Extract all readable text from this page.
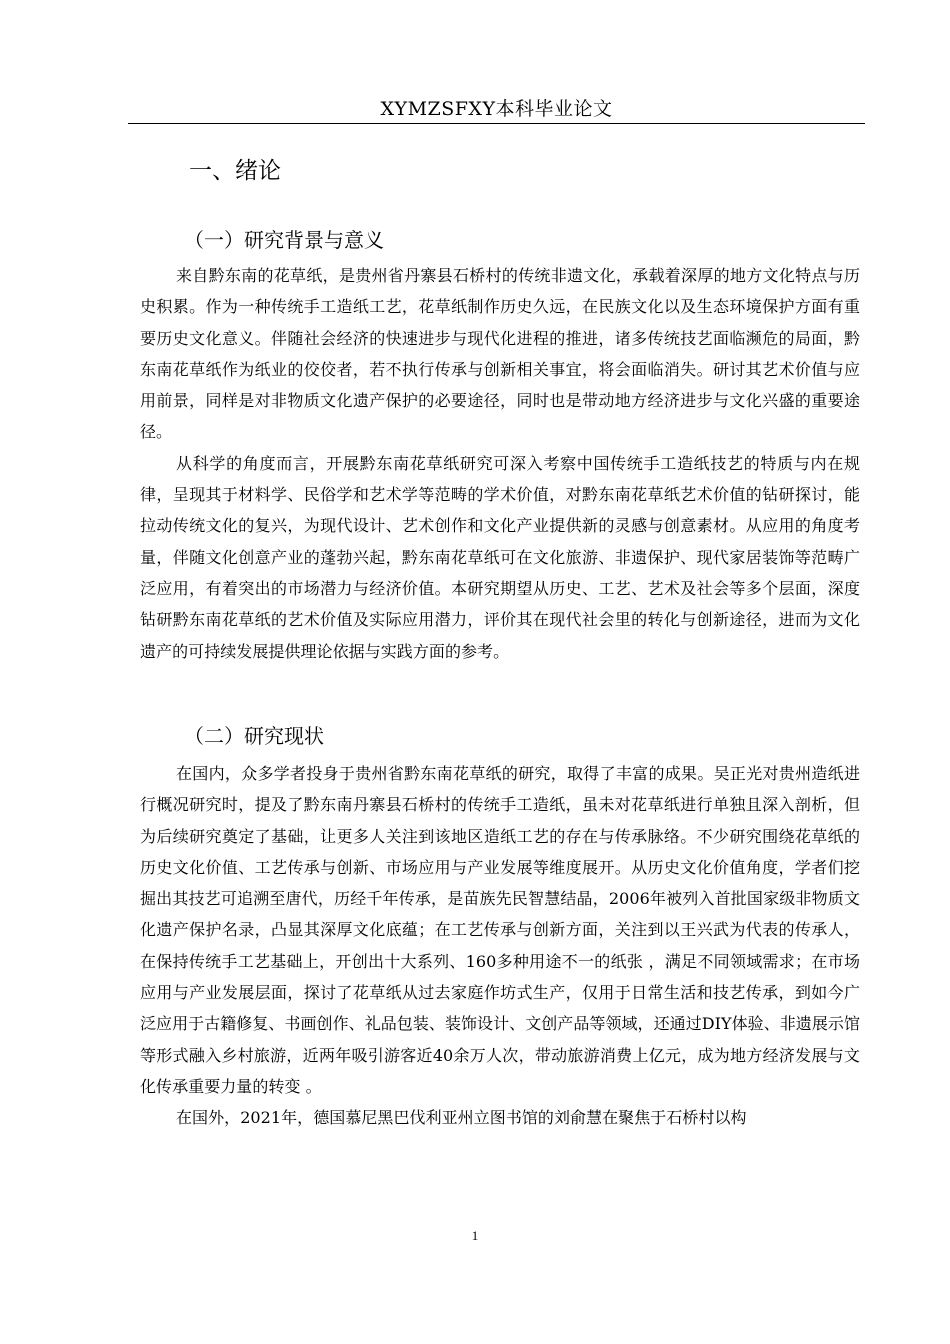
XYMZSFXY本科毕业论文
一、绪论
（一）研究背景与意义

来自黔东南的花草纸，是贵州省丹寨县石桥村的传统非遗文化，承载着深厚的地方文化特点与历史积累。作为一种传统手工造纸工艺，花草纸制作历史久远，在民族文化以及生态环境保护方面有重要历史文化意义。伴随社会经济的快速进步与现代化进程的推进，诸多传统技艺面临濒危的局面，黔东南花草纸作为纸业的佼佼者，若不执行传承与创新相关事宜，将会面临消失。研讨其艺术价值与应用前景，同样是对非物质文化遗产保护的必要途径，同时也是带动地方经济进步与文化兴盛的重要途径。

从科学的角度而言，开展黔东南花草纸研究可深入考察中国传统手工造纸技艺的特质与内在规律，呈现其于材料学、民俗学和艺术学等范畴的学术价值，对黔东南花草纸艺术价值的钻研探讨，能拉动传统文化的复兴，为现代设计、艺术创作和文化产业提供新的灵感与创意素材。从应用的角度考量，伴随文化创意产业的蓬勃兴起，黔东南花草纸可在文化旅游、非遗保护、现代家居装饰等范畴广泛应用，有着突出的市场潜力与经济价值。本研究期望从历史、工艺、艺术及社会等多个层面，深度钻研黔东南花草纸的艺术价值及实际应用潜力，评价其在现代社会里的转化与创新途径，进而为文化遗产的可持续发展提供理论依据与实践方面的参考。

（二）研究现状

在国内，众多学者投身于贵州省黔东南花草纸的研究，取得了丰富的成果。吴正光对贵州造纸进行概况研究时，提及了黔东南丹寨县石桥村的传统手工造纸，虽未对花草纸进行单独且深入剖析，但为后续研究奠定了基础，让更多人关注到该地区造纸工艺的存在与传承脉络。不少研究围绕花草纸的历史文化价值、工艺传承与创新、市场应用与产业发展等维度展开。从历史文化价值角度，学者们挖掘出其技艺可追溯至唐代，历经千年传承，是苗族先民智慧结晶，2006年被列入首批国家级非物质文化遗产保护名录，凸显其深厚文化底蕴；在工艺传承与创新方面，关注到以王兴武为代表的传承人，在保持传统手工艺基础上，开创出十大系列、160多种用途不一的纸张 ，满足不同领域需求；在市场应用与产业发展层面，探讨了花草纸从过去家庭作坊式生产，仅用于日常生活和技艺传承，到如今广泛应用于古籍修复、书画创作、礼品包装、装饰设计、文创产品等领域，还通过DIY体验、非遗展示馆等形式融入乡村旅游，近两年吸引游客近40余万人次，带动旅游消费上亿元，成为地方经济发展与文化传承重要力量的转变 。

在国外，2021年，德国慕尼黑巴伐利亚州立图书馆的刘俞慧在聚焦于石桥村以构

1
